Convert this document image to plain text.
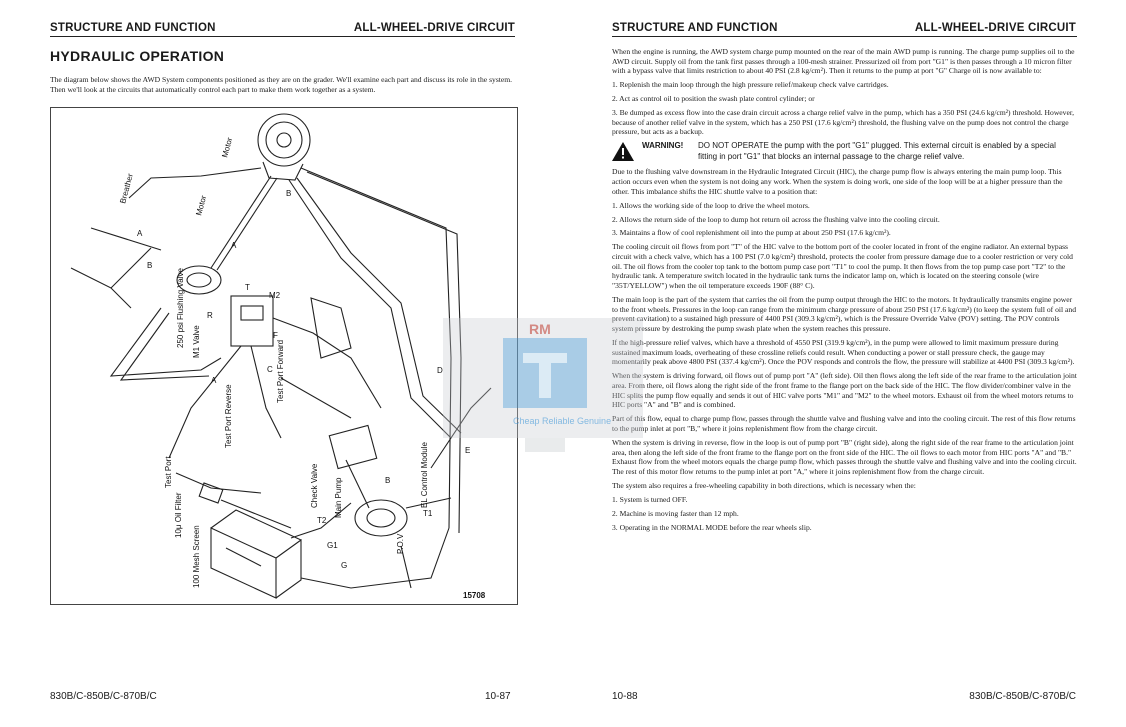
STRUCTURE AND FUNCTION	ALL-WHEEL-DRIVE CIRCUIT
HYDRAULIC OPERATION
The diagram below shows the AWD System components positioned as they are on the grader. We'll examine each part and discuss its role in the system. Then we'll look at the circuits that automatically control each part to make them work together as a system.
Breather
Motor
Motor
250 psi Flushing Valve M1 Valve
M2
T
R
F
C Test Port Forward
Test Port Reverse
Test Port
10μ Oil Filter
100 Mesh Screen
Check Valve Main Pump	EL Control Module
P.O.V
T1
T2
G1
G
A
A
A
B
B
B
D
E
15708
830B/C-850B/C-870B/C	10-87
STRUCTURE AND FUNCTION	ALL-WHEEL-DRIVE CIRCUIT

When the engine is running, the AWD system charge pump mounted on the rear of the main AWD pump is running. The charge pump supplies oil to the AWD circuit. Supply oil from the tank first passes through a 100-mesh strainer. Pressurized oil from port "G1" is then passes through a 10 micron filter with a bypass valve that limits restriction to about 40 PSI (2.8 kg/cm²). Then it returns to the pump at port "G" Charge oil is now available to:

1. Replenish the main loop through the high pressure relief/makeup check valve cartridges.

2. Act as control oil to position the swash plate control cylinder; or

3. Be dumped as excess flow into the case drain circuit across a charge relief valve in the pump, which has a 350 PSI (24.6 kg/cm²) threshold. However, because of another relief valve in the system, which has a 250 PSI (17.6 kg/cm²) threshold, the flushing valve on the pump does not control the charge pressure, but acts as a backup.

WARNING!	DO NOT OPERATE the pump with the port "G1" plugged. This external circuit is enabled by a special fitting in port "G1" that blocks an internal passage to the charge relief valve.

Due to the flushing valve downstream in the Hydraulic Integrated Circuit (HIC), the charge pump flow is always entering the main pump loop. This action occurs even when the system is not doing any work. When the system is doing work, one side of the loop will be at a higher pressure than the other. This imbalance shifts the HIC shuttle valve to a position that:

1. Allows the working side of the loop to drive the wheel motors.

2. Allows the return side of the loop to dump hot return oil across the flushing valve into the cooling circuit.

3. Maintains a flow of cool replenishment oil into the pump at about 250 PSI (17.6 kg/cm²).

The cooling circuit oil flows from port "T" of the HIC valve to the bottom port of the cooler located in front of the engine radiator. An external bypass circuit with a check valve, which has a 100 PSI (7.0 kg/cm²) threshold, protects the cooler from pressure damage due to a cooler restriction or very cold oil. The oil flows from the cooler top tank to the bottom pump case port "T1" to cool the pump. It then flows from the top pump case port "T2" to the hydraulic tank. A temperature switch located in the hydraulic tank turns the indicator lamp on, which is located on the steering console (wire "35T/YELLOW") when the oil temperature exceeds 190F (88° C).

The main loop is the part of the system that carries the oil from the pump output through the HIC to the motors. It hydraulically transmits engine power to the front wheels. Pressures in the loop can range from the minimum charge pressure of about 250 PSI (17.6 kg/cm²) (to keep the system full of oil and prevent cavitation) to a sustained high pressure of 4400 PSI (309.3 kg/cm²), which is the Pressure Override Valve (POV) setting. The POV controls system pressure by destroking the pump swash plate when the system reaches this pressure.

If the high-pressure relief valves, which have a threshold of 4550 PSI (319.9 kg/cm²), in the pump were allowed to limit maximum pressure during sustained maximum loads, overheating of these crossline reliefs could result. When conducting a power or stall pressure check, the gauge may momentarily peak above 4800 PSI (337.4 kg/cm²). Once the POV responds and controls the flow, the pressure will stabilize at 4400 PSI (309.3 kg/cm²).

When the system is driving forward, oil flows out of pump port "A" (left side). Oil then flows along the left side of the rear frame to the articulation joint area. From there, oil flows along the right side of the front frame to the flange port on the back side of the HIC. The flow divider/combiner valve in the HIC splits the pump flow equally and sends it out of HIC valve ports "M1" and "M2" to the wheel motors. Exhaust oil from the wheel motors returns to HIC ports "A" and "B" and is combined.

Part of this flow, equal to charge pump flow, passes through the shuttle valve and flushing valve and into the cooling circuit. The rest of this flow returns to the pump inlet at port "B," where it joins replenishment flow from the charge circuit.

When the system is driving in reverse, flow in the loop is out of pump port "B" (right side), along the right side of the rear frame to the articulation joint area, then along the left side of the front frame to the flange port on the front side of the HIC. The oil flows to each motor from HIC ports "A" and "B." Exhaust flow from the wheel motors equals the charge pump flow, which passes through the shuttle valve and flushing valve and into the cooling circuit. The rest of this motor flow returns to the pump inlet at port "A," where it joins replenishment flow from the charge circuit.

The system also requires a free-wheeling capability in both directions, which is necessary when the:

1. System is turned OFF.

2. Machine is moving faster than 12 mph.

3. Operating in the NORMAL MODE before the rear wheels slip.

10-88	830B/C-850B/C-870B/C
RM
Cheap Reliable Genuine
